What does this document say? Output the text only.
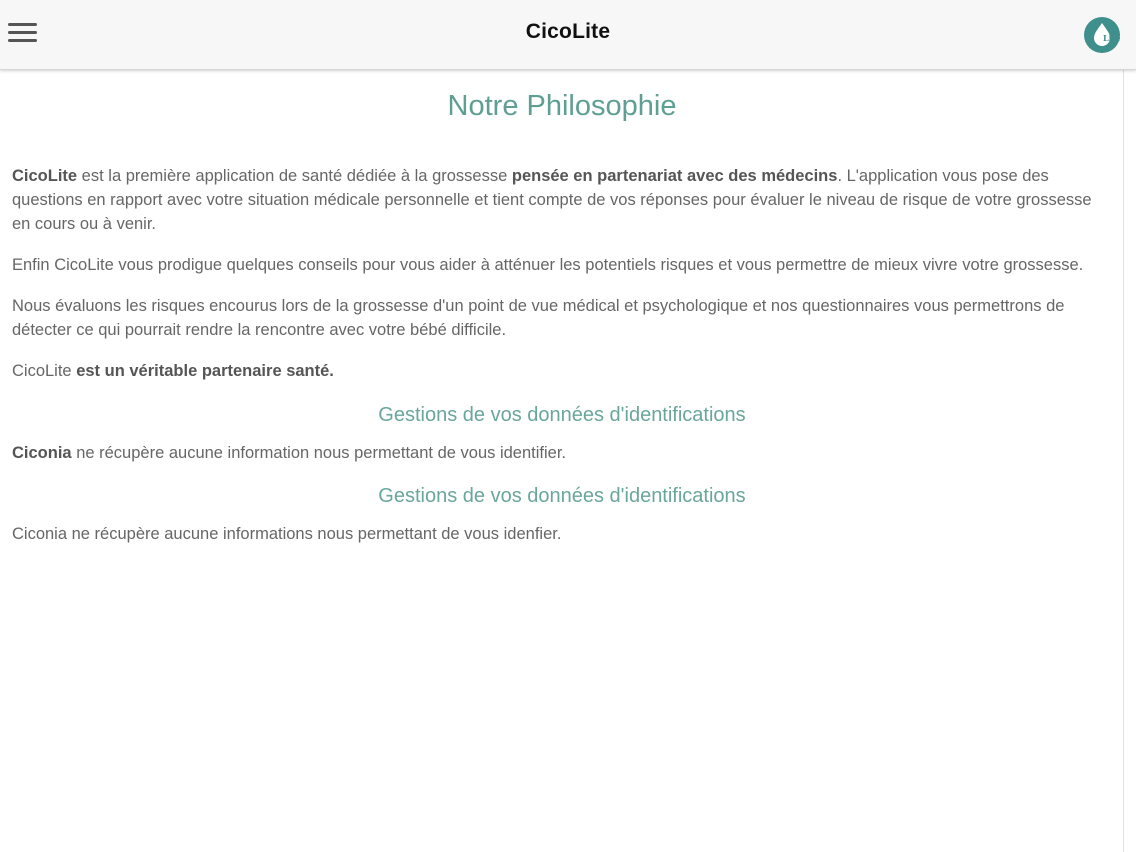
CicoLite	Lite
Notre Philosophie

CicoLite est la première application de santé dédiée à la grossesse pensée en partenariat avec des médecins. L'application vous pose des questions en rapport avec votre situation médicale personnelle et tient compte de vos réponses pour évaluer le niveau de risque de votre grossesse en cours ou à venir.

Enfin CicoLite vous prodigue quelques conseils pour vous aider à atténuer les potentiels risques et vous permettre de mieux vivre votre grossesse.

Nous évaluons les risques encourus lors de la grossesse d'un point de vue médical et psychologique et nos questionnaires vous permettrons de détecter ce qui pourrait rendre la rencontre avec votre bébé difficile.

CicoLite est un véritable partenaire santé.

Gestions de vos données d'identifications

Ciconia ne récupère aucune information nous permettant de vous identifier.

Gestions de vos données d'identifications

Ciconia ne récupère aucune informations nous permettant de vous idenfier.
